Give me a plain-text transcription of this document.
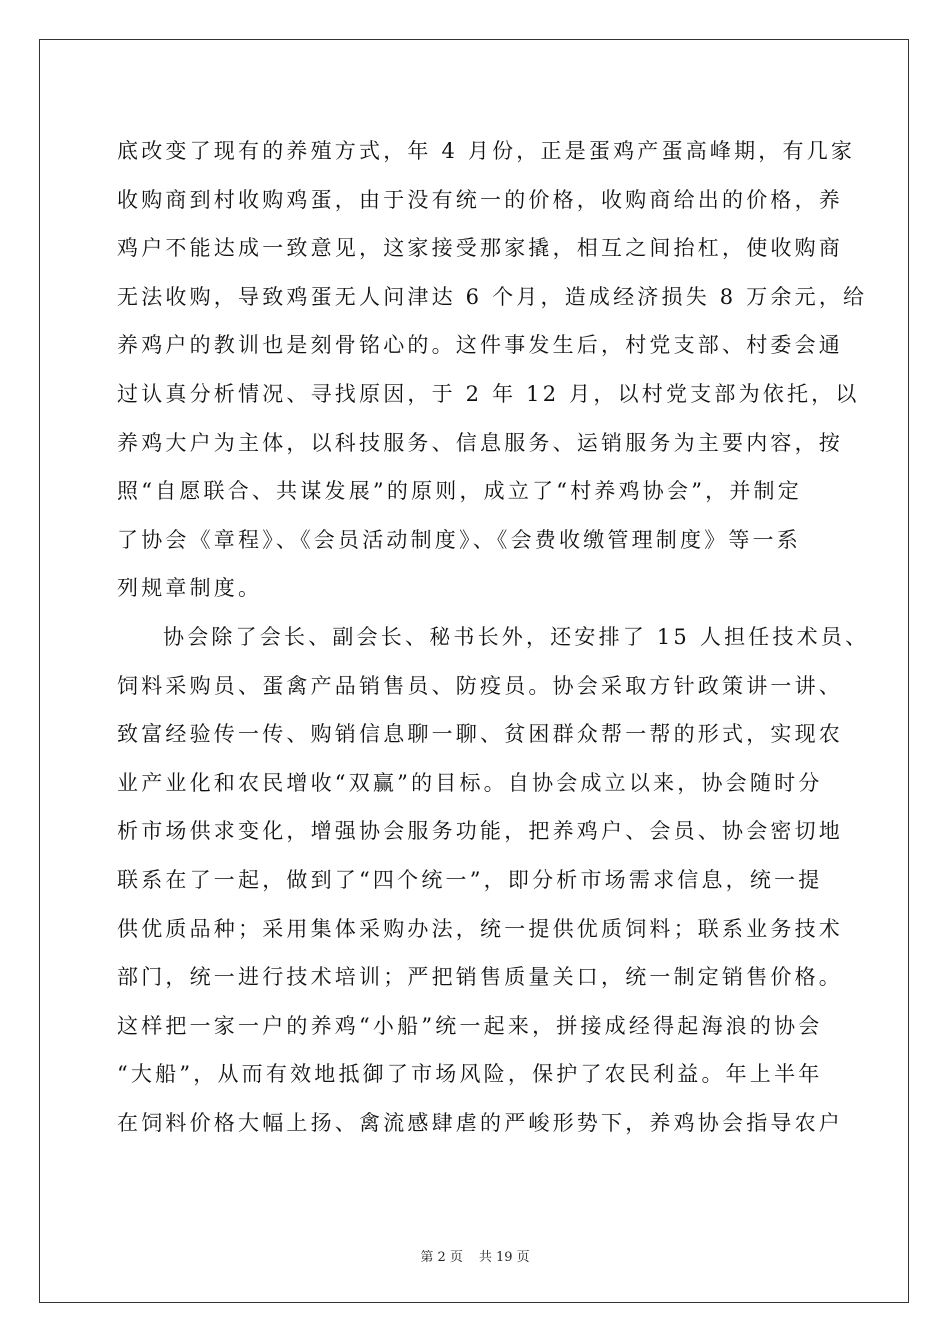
底改变了现有的养殖方式，年 4 月份，正是蛋鸡产蛋高峰期，有几家
收购商到村收购鸡蛋，由于没有统一的价格，收购商给出的价格，养
鸡户不能达成一致意见，这家接受那家撬，相互之间抬杠，使收购商
无法收购，导致鸡蛋无人问津达 6 个月，造成经济损失 8 万余元，给
养鸡户的教训也是刻骨铭心的。这件事发生后，村党支部、村委会通
过认真分析情况、寻找原因，于 2 年 12 月，以村党支部为依托，以
养鸡大户为主体，以科技服务、信息服务、运销服务为主要内容，按
照“自愿联合、共谋发展”的原则，成立了“村养鸡协会”，并制定
了协会《章程》、《会员活动制度》、《会费收缴管理制度》等一系
列规章制度。
协会除了会长、副会长、秘书长外，还安排了 15 人担任技术员、
饲料采购员、蛋禽产品销售员、防疫员。协会采取方针政策讲一讲、
致富经验传一传、购销信息聊一聊、贫困群众帮一帮的形式，实现农
业产业化和农民增收“双赢”的目标。自协会成立以来，协会随时分
析市场供求变化，增强协会服务功能，把养鸡户、会员、协会密切地
联系在了一起，做到了“四个统一”，即分析市场需求信息，统一提
供优质品种；采用集体采购办法，统一提供优质饲料；联系业务技术
部门，统一进行技术培训；严把销售质量关口，统一制定销售价格。
这样把一家一户的养鸡“小船”统一起来，拼接成经得起海浪的协会
“大船”，从而有效地抵御了市场风险，保护了农民利益。年上半年
在饲料价格大幅上扬、禽流感肆虐的严峻形势下，养鸡协会指导农户
第 2 页 共 19 页
